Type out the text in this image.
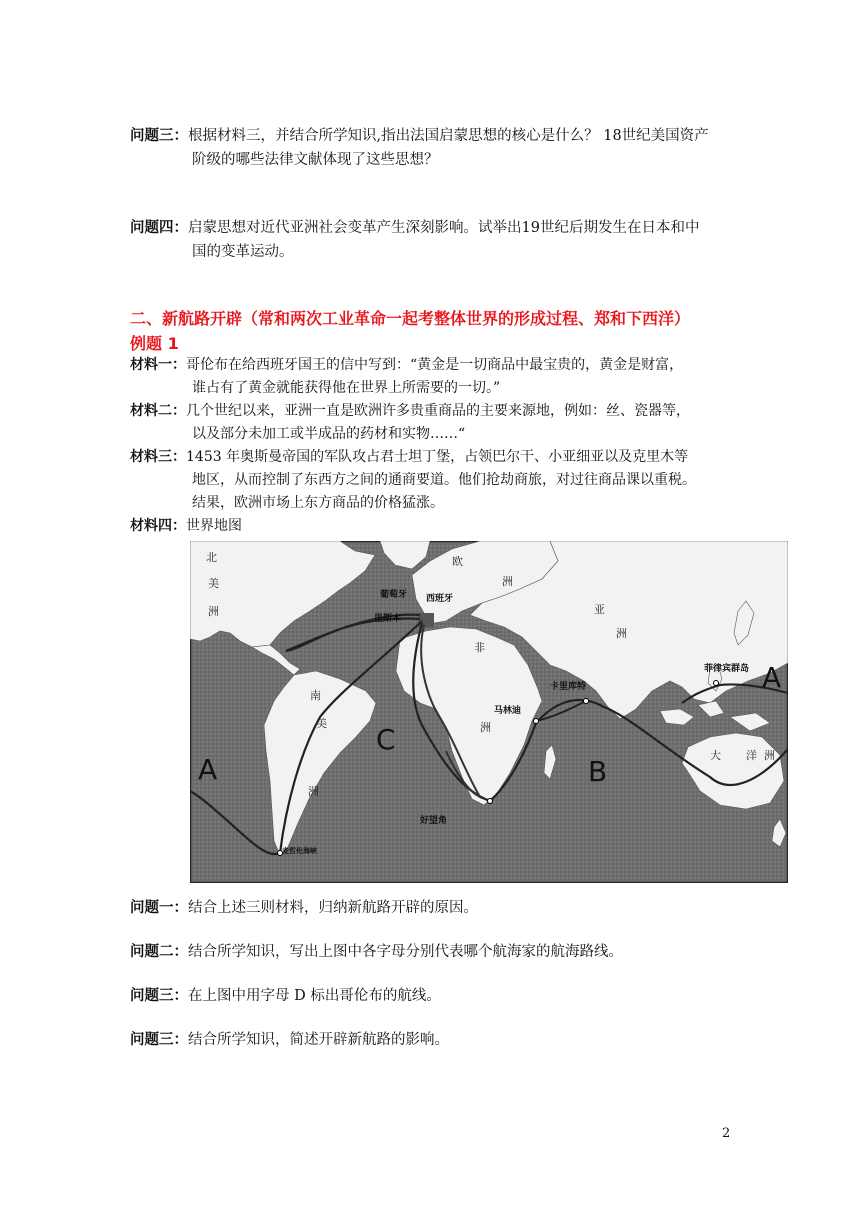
问题三：根据材料三，并结合所学知识,指出法国启蒙思想的核心是什么？ 18世纪美国资产
阶级的哪些法律文献体现了这些思想？
问题四：启蒙思想对近代亚洲社会变革产生深刻影响。试举出19世纪后期发生在日本和中
国的变革运动。
二、新航路开辟（常和两次工业革命一起考整体世界的形成过程、郑和下西洋）
例题 1
材料一：哥伦布在给西班牙国王的信中写到：“黄金是一切商品中最宝贵的，黄金是财富，
谁占有了黄金就能获得他在世界上所需要的一切。”
材料二：几个世纪以来，亚洲一直是欧洲许多贵重商品的主要来源地，例如：丝、瓷器等，
以及部分未加工或半成品的药材和实物……“
材料三：1453 年奥斯曼帝国的军队攻占君士坦丁堡，占领巴尔干、小亚细亚以及克里木等
地区，从而控制了东西方之间的通商要道。他们抢劫商旅，对过往商品课以重税。
结果，欧洲市场上东方商品的价格猛涨。
材料四：世界地图
北
美
洲
欧
洲
亚
洲
非
洲
南
美
洲
大 洋 洲
葡萄牙 西班牙
里斯本
卡里库特
马林迪
菲律宾群岛
好望角
麦哲伦海峡
A
A
B
C
问题一：结合上述三则材料，归纳新航路开辟的原因。
问题二：结合所学知识，写出上图中各字母分别代表哪个航海家的航海路线。
问题三：在上图中用字母 D 标出哥伦布的航线。
问题三：结合所学知识，简述开辟新航路的影响。
2
